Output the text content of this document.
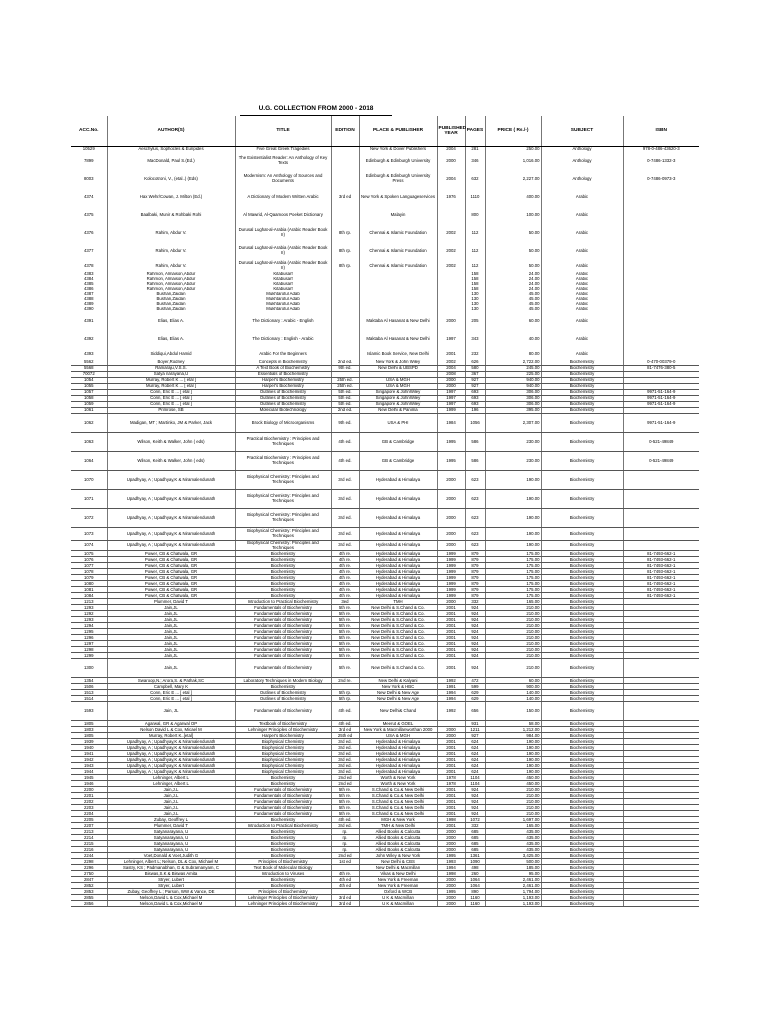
U.G. COLLECTION FROM 2000 - 2018
ACC.No.	AUTHOR(S)	TITLE	EDITION	PLACE & PUBLISHER	PUBLISHED YEAR	PAGES	PRICE ( Rs./-)	SUBJECT	ISBN
10529	Aeschylus, Sophocles & Euripides	Five Great Greek Tragedies		New York & Dover Publishers	2004	281	250.00	Anthology	978-0-486-43620-3
7899	MacDonald, Paul S.(Ed.)	The Existentialist Reader: An Anthology of Key Texts		Edinburgh & Edinburgh University	2000	346	1,016.00	Anthology	0-7486-1332-3
8003	Kolocotroni, V., (etal..) (Eds)	Modernism: An Anthology of Sources and Documents		Edinburgh & Edinburgh University Press	2004	632	2,227.00	Anthology	0-7486-0973-3
4374	Hax Wehr/Cowan, J. Milton (Ed.)	A Dictionary of Modern Written Arabic	3rd ed	New York & Spoken Languageservices	1976	1110	400.00	Arabic	
4375	Baalbaki, Munir & Rohbaki Rohi	Al Mawrid, Al-Qaamoos Poeket Dictionary		Malayin		800	100.00	Arabic	
4376	Rahim, Abdur V.	Durusal Lughat-al-Arabia (Arabic Reader Book II)	8th rp.	Chennai & Islamic Foundation	2002	112	50.00	Arabic	
4377	Rahim, Abdur V.	Durusal Lughat-al-Arabia (Arabic Reader Book II)	8th rp.	Chennai & Islamic Foundation	2002	112	50.00	Arabic	
4378	Rahim, Abdur V.	Durusal Lughat-al-Arabia (Arabic Reader Book II)	8th rp.	Chennai & Islamic Foundation	2002	112	50.00	Arabic	
4383	Rahmon, Almaison,Abdur	Kitabusarf				158	24.00	Arabic	
4384	Rahmon, Almaison,Abdur	Kitabusarf				158	24.00	Arabic	
4385	Rahmon, Almaison,Abdur	Kitabusarf				158	24.00	Arabic	
4386	Rahmon, Almaison,Abdur	Kitabusarf				158	24.00	Arabic	
4387	Bushan,Zaidan	Mukhtarotul Adab				130	45.00	Arabic	
4388	Bushan,Zaidan	Mukhtarotul Adab				130	45.00	Arabic	
4389	Bushan,Zaidan	Mukhtarotul Adab				130	45.00	Arabic	
4390	Bushan,Zaidan	Mukhtarotul Adab				130	45.00	Arabic	
4391	Elias, Elias A.	The Dictionary : Arabic - English		Maktaba Al Hasanat & New Delhi	2000	205	60.00	Arabic	
4392	Elias, Elias A.	The Dictionary : English - Arabic		Maktaba Al Hasanat & New Delhi	1997	343	40.00	Arabic	
4393	Siddiqui,Abdul Hamid	Arabic For the Beginners		Islamic Book Service, New Delhi	2001	232	80.00	Arabic	
5562	Boyer,Rodney	Concepts in Biochemistry	2nd ed.	New York & John Wiley	2002	626	2,722.00	Biochemistry	0-470-00379-0
5568	Ramaraju,V.S.S.	A Text Book of Biochemistry	9th ed.	New Delhi & UBSPD	2004	580	245.00	Biochemistry	81-7476-380-5
70072	Satya narayana,U	Essentials of Biochemistry			2008	367	225.00	Biochemistry	
1054	Murray, Robert K ... [ etal ]	Harper's Biochemistry	25th ed.	USA & MGH	2000	927	940.00	Biochemistry	
1055	Murray, Robert K ... [ etal ]	Harper's Biochemistry	25th ed.	USA & MGH	2000	927	940.00	Biochemistry	
1057	Conn, Eric E ... [ etal ]	Outlines of Biochemistry	5th ed.	Singapore & JohnWiley	1997	693	306.00	Biochemistry	9971-51-164-9
1058	Conn, Eric E ... [ etal ]	Outlines of Biochemistry	5th ed.	Singapore & JohnWiley	1997	693	306.00	Biochemistry	9971-51-164-9
1059	Conn, Eric E ... [ etal ]	Outlines of Biochemistry	5th ed.	Singapore & JohnWiley	1997	693	306.00	Biochemistry	9971-51-164-9
1061	Primrose, SB	Molecular Biotechnology	2nd ed.	New Delhi & Panima	1999	196	395.00	Biochemistry	
1062	Madigan, MT ; Martinko, JM & Parker, Jack	Brock Biology of Microorganisms	9th ed.	USA & PHI	1984	1056	2,307.00	Biochemistry	9971-51-164-9
1063	Wilson, Keith & Walker, John ( eds)	Practical Biochemistry : Principles and Techniques	4th ed.	GB & Cambridge	1995	586	230.00	Biochemistry	0-521-49849
1064	Wilson, Keith & Walker, John ( eds)	Practical Biochemistry : Principles and Techniques	4th ed.	GB & Cambridge	1995	586	230.00	Biochemistry	0-521-49849
1070	Upadhyay, A ; Upadhyay,K & Niramalendunath	Biophysical Chemistry: Principles and Techniques	3rd ed.	Hyderabad & Himalaya	2000	623	190.00	Biochemistry	
1071	Upadhyay, A ; Upadhyay,K & Niramalendunath	Biophysical Chemistry: Principles and Techniques	3rd ed.	Hyderabad & Himalaya	2000	623	190.00	Biochemistry	
1072	Upadhyay, A ; Upadhyay,K & Niramalendunath	Biophysical Chemistry: Principles and Techniques	3rd ed.	Hyderabad & Himalaya	2000	623	190.00	Biochemistry	
1073	Upadhyay, A ; Upadhyay,K & Niramalendunath	Biophysical Chemistry: Principles and Techniques	3rd ed.	Hyderabad & Himalaya	2000	623	190.00	Biochemistry	
1074	Upadhyay, A ; Upadhyay,K & Niramalendunath	Biophysical Chemistry: Principles and Techniques	3rd ed.	Hyderabad & Himalaya	2000	623	190.00	Biochemistry	
1075	Power, CB & Chatwala, GR	Biochemistry	4th re.	Hyderabad & Himalaya	1999	879	175.00	Biochemistry	81-7493-662-1
1076	Power, CB & Chatwala, GR	Biochemistry	4th re.	Hyderabad & Himalaya	1999	879	175.00	Biochemistry	81-7493-662-1
1077	Power, CB & Chatwala, GR	Biochemistry	4th re.	Hyderabad & Himalaya	1999	879	175.00	Biochemistry	81-7493-662-1
1078	Power, CB & Chatwala, GR	Biochemistry	4th re.	Hyderabad & Himalaya	1999	879	175.00	Biochemistry	81-7493-662-1
1079	Power, CB & Chatwala, GR	Biochemistry	4th re.	Hyderabad & Himalaya	1999	879	175.00	Biochemistry	81-7493-662-1
1080	Power, CB & Chatwala, GR	Biochemistry	4th re.	Hyderabad & Himalaya	1999	879	175.00	Biochemistry	81-7493-662-1
1081	Power, CB & Chatwala, GR	Biochemistry	4th re.	Hyderabad & Himalaya	1999	879	175.00	Biochemistry	81-7493-662-1
1084	Power, CB & Chatwala, GR	Biochemistry	4th re.	Hyderabad & Himalaya	1999	879	175.00	Biochemistry	81-7493-662-1
1213	Plummer, David T	Introduction to Practical Biochemistry	3ed	TMH	2000	332	165.00	Biochemistry	
1293	Jain,JL	Fundamentals of Biochemistry	5th re.	New Delhi & S.Chand & Co.	2001	924	210.00	Biochemistry	
1292	Jain,JL	Fundamentals of Biochemistry	5th re.	New Delhi & S.Chand & Co.	2001	924	210.00	Biochemistry	
1293	Jain,JL	Fundamentals of Biochemistry	5th re.	New Delhi & S.Chand & Co.	2001	924	210.00	Biochemistry	
1294	Jain,JL	Fundamentals of Biochemistry	5th re.	New Delhi & S.Chand & Co.	2001	924	210.00	Biochemistry	
1295	Jain,JL	Fundamentals of Biochemistry	5th re.	New Delhi & S.Chand & Co.	2001	924	210.00	Biochemistry	
1296	Jain,JL	Fundamentals of Biochemistry	5th re.	New Delhi & S.Chand & Co.	2001	924	210.00	Biochemistry	
1297	Jain,JL	Fundamentals of Biochemistry	5th re.	New Delhi & S.Chand & Co.	2001	924	210.00	Biochemistry	
1298	Jain,JL	Fundamentals of Biochemistry	5th re.	New Delhi & S.Chand & Co.	2001	924	210.00	Biochemistry	
1299	Jain,JL	Fundamentals of Biochemistry	5th re.	New Delhi & S.Chand & Co.	2001	924	210.00	Biochemistry	
1300	Jain,JL	Fundamentals of Biochemistry	5th re.	New Delhi & S.Chand & Co.	2001	924	210.00	Biochemistry	
1354	Swaroop,N.; Arora,S. & Pathak,SC	Laboratory Techniques in Modern Biology	2nd re.	New Delhi & Kalyani	1992	472	60.00	Biochemistry	
1506	Campbell, Mary K	Biochemistry		New York & HBC	1991	599	900.00	Biochemistry	
1513	Conn, Eric E ... [ etal ]	Outlines of Biochemistry	5th rp.	New Delhi & New Age	1994	629	140.00	Biochemistry	
1514	Conn, Eric E ... [ etal ]	Outlines of Biochemistry	5th rp.	New Delhi & New Age	1994	629	140.00	Biochemistry	
1593	Jain, JL	Fundamentals of Biochemistry	4th ed.	New Delhi& Chand	1992	656	150.00	Biochemistry	
1805	Agarwal, GR & Agarwal OP	Textbook of Biochemistry	4th ed.	Meerut & GOEL		931	58.00	Biochemistry	
1803	Nelson David L & Cox, Micael M	Lehninger Principles of Biochemistry	3rd ed	New York & Macmillanworthan 2000	2000	1211	1,212.00	Biochemistry	
1805	Murray, Robert K..[etal]	Harper's Biochemistry	25th ed	USA & MGH	2000	927	984.00	Biochemistry	
1939	Upadhyay, A ; Upadhyay,K & Niramalendunath	Biophysical Chemistry	3rd ed.	Hyderabad & Himalaya	2001	624	190.00	Biochemistry	
1940	Upadhyay, A ; Upadhyay,K & Niramalendunath	Biophysical Chemistry	3rd ed.	Hyderabad & Himalaya	2001	624	190.00	Biochemistry	
1941	Upadhyay, A ; Upadhyay,K & Niramalendunath	Biophysical Chemistry	3rd ed.	Hyderabad & Himalaya	2001	624	190.00	Biochemistry	
1942	Upadhyay, A ; Upadhyay,K & Niramalendunath	Biophysical Chemistry	3rd ed.	Hyderabad & Himalaya	2001	624	190.00	Biochemistry	
1943	Upadhyay, A ; Upadhyay,K & Niramalendunath	Biophysical Chemistry	3rd ed.	Hyderabad & Himalaya	2001	624	190.00	Biochemistry	
1944	Upadhyay, A ; Upadhyay,K & Niramalendunath	Biophysical Chemistry	3rd ed.	Hyderabad & Himalaya	2001	624	190.00	Biochemistry	
1945	Lehninger, Albert L	Biochemistry	2nd ed	Worth & New York	1978	1104	450.00	Biochemistry	
1946	Lehninger, Albert L	Biochemistry	2nd ed	Worth & New York	1978	1104	450.00	Biochemistry	
2200	Jain,J.L	Fundamentals of Biochemistry	5th re.	S.Chand & Co.& New Delhi	2001	924	210.00	Biochemistry	
2201	Jain,J.L	Fundamentals of Biochemistry	5th re.	S.Chand & Co.& New Delhi	2001	924	210.00	Biochemistry	
2202	Jain,J.L	Fundamentals of Biochemistry	5th re.	S.Chand & Co.& New Delhi	2001	924	210.00	Biochemistry	
2203	Jain,J.L	Fundamentals of Biochemistry	5th re.	S.Chand & Co.& New Delhi	2001	924	210.00	Biochemistry	
2204	Jain,J.L	Fundamentals of Biochemistry	5th re.	S.Chand & Co.& New Delhi	2001	924	210.00	Biochemistry	
2205	Zubay, Geoffrey L	Biochemistry	4th ed.	MGH & New York	1998	1072	1,697.00	Biochemistry	
2207	Plummer, David T	Introduction to Practical Biochemistry	3rd ed.	TMH & New Delhi	2001	332	165.00	Biochemistry	
2213	Satyanarayana, U	Biochemistry	rp.	Allied Books & Calcutta	2000	685	435.00	Biochemistry	
2214	Satyanarayana, U	Biochemistry	rp.	Allied Books & Calcutta	2000	685	435.00	Biochemistry	
2215	Satyanarayana, U	Biochemistry	rp.	Allied Books & Calcutta	2000	685	435.00	Biochemistry	
2216	Satyanarayana, U	Biochemistry	rp.	Allied Books & Calcutta	2000	685	435.00	Biochemistry	
2244	Voet,Donald & Voet,Judith G	Biochemistry	2nd ed	John Wiley & New York	1995	1361	3,425.00	Biochemistry	
2298	Lehninger, Albert L; Nelson, DL & Cox, Michael M	Principles of Biochemistry	1st ed	New Delhi & CBS	1993	1090	500.00	Biochemistry	
2296	Sastry, KS ; Padmanabhan, G & Subramanyam, C	Text Book of Molecular Biology		New Delhi & Macmillan	1994	498	185.00	Biochemistry	
2750	Biswas,S.K & Biswas Amita	Introduction to Viruses	4th re.	Vikas & New Delhi	1998	260	95.00	Biochemistry	
2847	Stryer, Lubert	Biochemistry	4th ed	New York & Freeman	2000	1064	2,461.00	Biochemistry	
2852	Stryer, Lubert	Biochemistry	4th ed	New York & Freeman	2000	1064	2,461.00	Biochemistry	
2853	Zubay, Geoffrey L ; Parson, WW & Vance, DE	Principles of Biochemistry		Oxford & WCB	1995	890	1,794.00	Biochemistry	
2855	Nelson,David L & Cox,Michael M	Lehninger Principles of Biochemistry	3rd ed	U K & Macmillan	2000	1160	1,193.00	Biochemistry	
2856	Nelson,David L & Cox,Michael M	Lehninger Principles of Biochemistry	3rd ed	U K & Macmillan	2000	1160	1,193.00	Biochemistry	
